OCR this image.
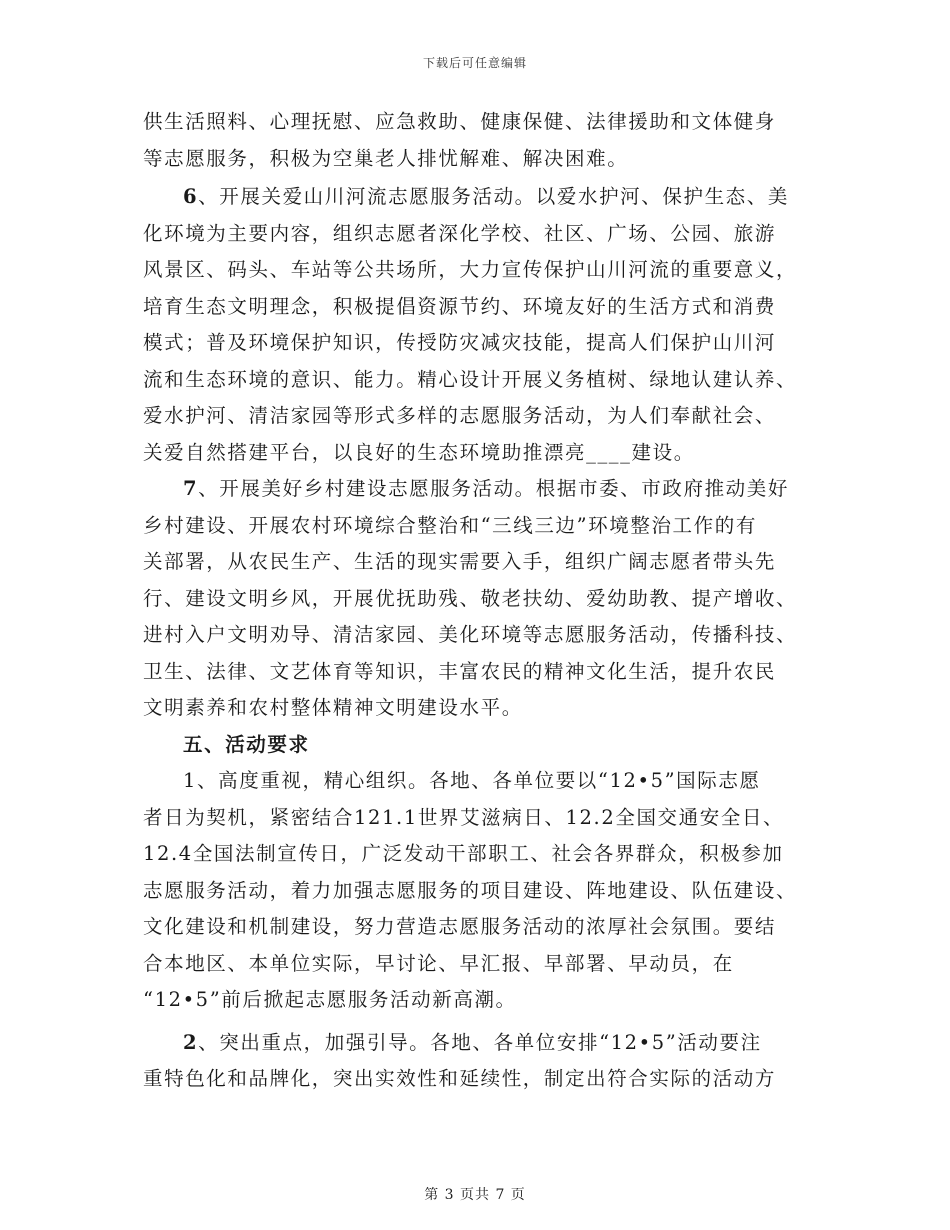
下载后可任意编辑
供生活照料、心理抚慰、应急救助、健康保健、法律援助和文体健身
等志愿服务，积极为空巢老人排忧解难、解决困难。
6、开展关爱山川河流志愿服务活动。以爱水护河、保护生态、美
化环境为主要内容，组织志愿者深化学校、社区、广场、公园、旅游
风景区、码头、车站等公共场所，大力宣传保护山川河流的重要意义，
培育生态文明理念，积极提倡资源节约、环境友好的生活方式和消费
模式；普及环境保护知识，传授防灾减灾技能，提高人们保护山川河
流和生态环境的意识、能力。精心设计开展义务植树、绿地认建认养、
爱水护河、清洁家园等形式多样的志愿服务活动，为人们奉献社会、
关爱自然搭建平台，以良好的生态环境助推漂亮____建设。
7、开展美好乡村建设志愿服务活动。根据市委、市政府推动美好
乡村建设、开展农村环境综合整治和“三线三边”环境整治工作的有
关部署，从农民生产、生活的现实需要入手，组织广阔志愿者带头先
行、建设文明乡风，开展优抚助残、敬老扶幼、爱幼助教、提产增收、
进村入户文明劝导、清洁家园、美化环境等志愿服务活动，传播科技、
卫生、法律、文艺体育等知识，丰富农民的精神文化生活，提升农民
文明素养和农村整体精神文明建设水平。
五、活动要求
1、高度重视，精心组织。各地、各单位要以“12•5”国际志愿
者日为契机，紧密结合121.1世界艾滋病日、12.2全国交通安全日、
12.4全国法制宣传日，广泛发动干部职工、社会各界群众，积极参加
志愿服务活动，着力加强志愿服务的项目建设、阵地建设、队伍建设、
文化建设和机制建设，努力营造志愿服务活动的浓厚社会氛围。要结
合本地区、本单位实际，早讨论、早汇报、早部署、早动员，在
“12•5”前后掀起志愿服务活动新高潮。
2、突出重点，加强引导。各地、各单位安排“12•5”活动要注
重特色化和品牌化，突出实效性和延续性，制定出符合实际的活动方
第 3 页共 7 页
